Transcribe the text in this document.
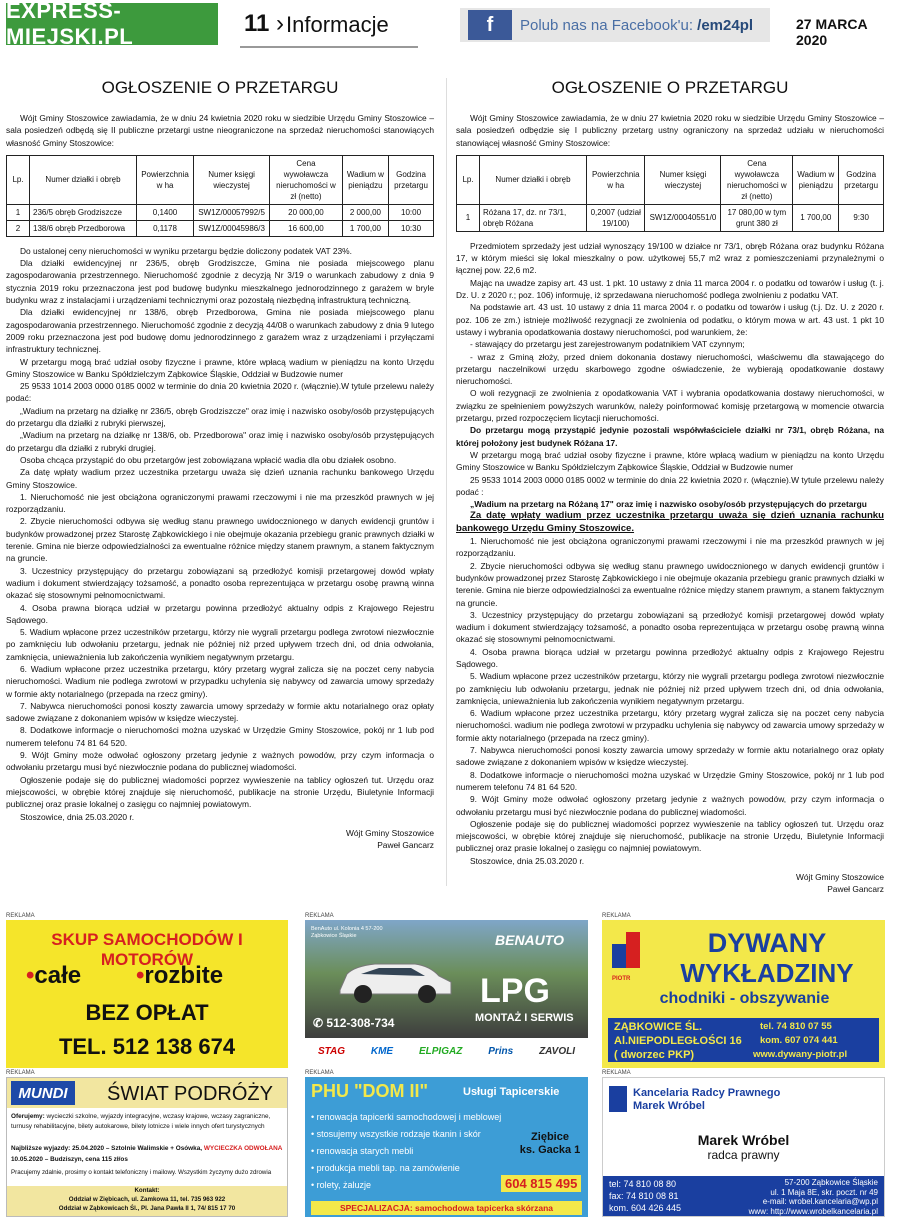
EXPRESS-MIEJSKI.PL	11 › Informacje	f	Polub nas na Facebook'u: /em24pl	27 MARCA 2020
OGŁOSZENIE O PRZETARGU

Wójt Gminy Stoszowice zawiadamia, że w dniu 24 kwietnia 2020 roku w siedzibie Urzędu Gminy Stoszowice – sala posiedzeń odbędą się II publiczne przetargi ustne nieograniczone na sprzedaż nieruchomości stanowiących własność Gminy Stoszowice:

Lp.	Numer działki i obręb	Powierzchnia w ha	Numer księgi wieczystej	Cena wywoławcza nieruchomości w zł (netto)	Wadium w pieniądzu	Godzina przetargu
1	236/5 obręb Grodziszcze	0,1400	SW1Z/00057992/5	20 000,00	2 000,00	10:00
2	138/6 obręb Przedborowa	0,1178	SW1Z/00045986/3	16 600,00	1 700,00	10:30

Do ustalonej ceny nieruchomości w wyniku przetargu będzie doliczony podatek VAT 23%.

Dla działki ewidencyjnej nr 236/5, obręb Grodziszcze, Gmina nie posiada miejscowego planu zagospodarowania przestrzennego. Nieruchomość zgodnie z decyzją Nr 3/19 o warunkach zabudowy z dnia 9 stycznia 2019 roku przeznaczona jest pod budowę budynku mieszkalnego jednorodzinnego z garażem w bryle budynku wraz z instalacjami i urządzeniami technicznymi oraz pozostałą niezbędną infrastrukturą techniczną.

Dla działki ewidencyjnej nr 138/6, obręb Przedborowa, Gmina nie posiada miejscowego planu zagospodarowania przestrzennego. Nieruchomość zgodnie z decyzją 44/08 o warunkach zabudowy z dnia 9 lutego 2009 roku przeznaczona jest pod budowę domu jednorodzinnego z garażem wraz z urządzeniami i przyłączami infrastruktury technicznej.

W przetargu mogą brać udział osoby fizyczne i prawne, które wpłacą wadium w pieniądzu na konto Urzędu Gminy Stoszowice w Banku Spółdzielczym Ząbkowice Śląskie, Oddział w Budzowie numer

25 9533 1014 2003 0000 0185 0002 w terminie do dnia 20 kwietnia 2020 r. (włącznie).W tytule przelewu należy podać:

„Wadium na przetarg na działkę nr 236/5, obręb Grodziszcze" oraz imię i nazwisko osoby/osób przystępujących do przetargu dla działki z rubryki pierwszej,

„Wadium na przetarg na działkę nr 138/6, ob. Przedborowa" oraz imię i nazwisko osoby/osób przystępujących do przetargu dla działki z rubryki drugiej.

Osoba chcąca przystąpić do obu przetargów jest zobowiązana wpłacić wadia dla obu działek osobno.

Za datę wpłaty wadium przez uczestnika przetargu uważa się dzień uznania rachunku bankowego Urzędu Gminy Stoszowice.

1. Nieruchomość nie jest obciążona ograniczonymi prawami rzeczowymi i nie ma przeszkód prawnych w jej rozporządzaniu.

2. Zbycie nieruchomości odbywa się według stanu prawnego uwidocznionego w danych ewidencji gruntów i budynków prowadzonej przez Starostę Ząbkowickiego i nie obejmuje okazania przebiegu granic prawnych działki w terenie. Gmina nie bierze odpowiedzialności za ewentualne różnice między stanem prawnym, a stanem faktycznym na gruncie.

3. Uczestnicy przystępujący do przetargu zobowiązani są przedłożyć komisji przetargowej dowód wpłaty wadium i dokument stwierdzający tożsamość, a ponadto osoba reprezentująca w przetargu osobę prawną winna okazać się stosownymi pełnomocnictwami.

4. Osoba prawna biorąca udział w przetargu powinna przedłożyć aktualny odpis z Krajowego Rejestru Sądowego.

5. Wadium wpłacone przez uczestników przetargu, którzy nie wygrali przetargu podlega zwrotowi niezwłocznie po zamknięciu lub odwołaniu przetargu, jednak nie później niż przed upływem trzech dni, od dnia odwołania, zamknięcia, unieważnienia lub zakończenia wynikiem negatywnym przetargu.

6. Wadium wpłacone przez uczestnika przetargu, który przetarg wygrał zalicza się na poczet ceny nabycia nieruchomości. Wadium nie podlega zwrotowi w przypadku uchylenia się nabywcy od zawarcia umowy sprzedaży w formie akty notarialnego (przepada na rzecz gminy).

7. Nabywca nieruchomości ponosi koszty zawarcia umowy sprzedaży w formie aktu notarialnego oraz opłaty sadowe związane z dokonaniem wpisów w księdze wieczystej.

8. Dodatkowe informacje o nieruchomości można uzyskać w Urzędzie Gminy Stoszowice, pokój nr 1 lub pod numerem telefonu 74 81 64 520.

9. Wójt Gminy może odwołać ogłoszony przetarg jedynie z ważnych powodów, przy czym informacja o odwołaniu przetargu musi być niezwłocznie podana do publicznej wiadomości.

Ogłoszenie podaje się do publicznej wiadomości poprzez wywieszenie na tablicy ogłoszeń tut. Urzędu oraz miejscowości, w obrębie której znajduje się nieruchomość, publikacje na stronie Urzędu, Biuletynie Informacji publicznej oraz prasie lokalnej o zasięgu co najmniej powiatowym.

Stoszowice, dnia 25.03.2020 r.

Wójt Gminy Stoszowice

Paweł Gancarz

OGŁOSZENIE O PRZETARGU

Wójt Gminy Stoszowice zawiadamia, że w dniu 27 kwietnia 2020 roku w siedzibie Urzędu Gminy Stoszowice – sala posiedzeń odbędzie się I publiczny przetarg ustny ograniczony na sprzedaż udziału w nieruchomości stanowiącej własność Gminy Stoszowice:

Lp.	Numer działki i obręb	Powierzchnia w ha	Numer księgi wieczystej	Cena wywoławcza nieruchomości w zł (netto)	Wadium w pieniądzu	Godzina przetargu
1	Różana 17, dz. nr 73/1, obręb Różana	0,2007 (udział 19/100)	SW1Z/00040551/0	17 080,00 w tym grunt 380 zł	1 700,00	9:30

Przedmiotem sprzedaży jest udział wynoszący 19/100 w działce nr 73/1, obręb Różana oraz budynku Różana 17, w którym mieści się lokal mieszkalny o pow. użytkowej 55,7 m2 wraz z pomieszczeniami przynależnymi o łącznej pow. 22,6 m2.

Mając na uwadze zapisy art. 43 ust. 1 pkt. 10 ustawy z dnia 11 marca 2004 r. o podatku od towarów i usług (t. j. Dz. U. z 2020 r.; poz. 106) informuję, iż sprzedawana nieruchomość podlega zwolnieniu z podatku VAT.

Na podstawie art. 43 ust. 10 ustawy z dnia 11 marca 2004 r. o podatku od towarów i usług (t.j. Dz. U. z 2020 r. poz. 106 ze zm.) istnieje możliwość rezygnacji ze zwolnienia od podatku, o którym mowa w art. 43 ust. 1 pkt 10 ustawy i wybrania opodatkowania dostawy nieruchomości, pod warunkiem, że:

- stawający do przetargu jest zarejestrowanym podatnikiem VAT czynnym;

- wraz z Gminą złoży, przed dniem dokonania dostawy nieruchomości, właściwemu dla stawającego do przetargu naczelnikowi urzędu skarbowego zgodne oświadczenie, że wybierają opodatkowanie dostawy nieruchomości.

O woli rezygnacji ze zwolnienia z opodatkowania VAT i wybrania opodatkowania dostawy nieruchomości, w związku ze spełnieniem powyższych warunków, należy poinformować komisję przetargową w momencie otwarcia przetargu, przed rozpoczęciem licytacji nieruchomości.

Do przetargu mogą przystąpić jedynie pozostali współwłaściciele działki nr 73/1, obręb Różana, na której położony jest budynek Różana 17.

W przetargu mogą brać udział osoby fizyczne i prawne, które wpłacą wadium w pieniądzu na konto Urzędu Gminy Stoszowice w Banku Spółdzielczym Ząbkowice Śląskie, Oddział w Budzowie numer

25 9533 1014 2003 0000 0185 0002 w terminie do dnia 22 kwietnia 2020 r. (włącznie).W tytule przelewu należy podać :

„Wadium na przetarg na Różaną 17" oraz imię i nazwisko osoby/osób przystępujących do przetargu

Za datę wpłaty wadium przez uczestnika przetargu uważa się dzień uznania rachunku bankowego Urzędu Gminy Stoszowice.

1. Nieruchomość nie jest obciążona ograniczonymi prawami rzeczowymi i nie ma przeszkód prawnych w jej rozporządzaniu.

2. Zbycie nieruchomości odbywa się według stanu prawnego uwidocznionego w danych ewidencji gruntów i budynków prowadzonej przez Starostę Ząbkowickiego i nie obejmuje okazania przebiegu granic prawnych działki w terenie. Gmina nie bierze odpowiedzialności za ewentualne różnice między stanem prawnym, a stanem faktycznym na gruncie.

3. Uczestnicy przystępujący do przetargu zobowiązani są przedłożyć komisji przetargowej dowód wpłaty wadium i dokument stwierdzający tożsamość, a ponadto osoba reprezentująca w przetargu osobę prawną winna okazać się stosownymi pełnomocnictwami.

4. Osoba prawna biorąca udział w przetargu powinna przedłożyć aktualny odpis z Krajowego Rejestru Sądowego.

5. Wadium wpłacone przez uczestników przetargu, którzy nie wygrali przetargu podlega zwrotowi niezwłocznie po zamknięciu lub odwołaniu przetargu, jednak nie później niż przed upływem trzech dni, od dnia odwołania, zamknięcia, unieważnienia lub zakończenia wynikiem negatywnym przetargu.

6. Wadium wpłacone przez uczestnika przetargu, który przetarg wygrał zalicza się na poczet ceny nabycia nieruchomości. wadium nie podlega zwrotowi w przypadku uchylenia się nabywcy od zawarcia umowy sprzedaży w formie akty notarialnego (przepada na rzecz gminy).

7. Nabywca nieruchomości ponosi koszty zawarcia umowy sprzedaży w formie aktu notarialnego oraz opłaty sadowe związane z dokonaniem wpisów w księdze wieczystej.

8. Dodatkowe informacje o nieruchomości można uzyskać w Urzędzie Gminy Stoszowice, pokój nr 1 lub pod numerem telefonu 74 81 64 520.

9. Wójt Gminy może odwołać ogłoszony przetarg jedynie z ważnych powodów, przy czym informacja o odwołaniu przetargu musi być niezwłocznie podana do publicznej wiadomości.

Ogłoszenie podaje się do publicznej wiadomości poprzez wywieszenie na tablicy ogłoszeń tut. Urzędu oraz miejscowości, w obrębie której znajduje się nieruchomość, publikacje na stronie Urzędu, Biuletynie Informacji publicznej oraz prasie lokalnej o zasięgu co najmniej powiatowym.

Stoszowice, dnia 25.03.2020 r.

Wójt Gminy Stoszowice

Paweł Gancarz

REKLAMA
SKUP SAMOCHODÓW I MOTORÓW
•całe •rozbite
BEZ OPŁAT
TEL. 512 138 674
REKLAMA
BenAuto ul. Kolonia 4 57-200 Ząbkowice Śląskie	BENAUTO
LPG
MONTAŻ I SERWIS
✆ 512-308-734
STAG	KME	ELPIGAZ	Prins	ZAVOLI
REKLAMA
PIOTR
DYWANY
WYKŁADZINY
chodniki - obszywanie
ZĄBKOWICE ŚL.
Al.NIEPODLEGŁOŚCI 16
( dworzec PKP)
tel. 74 810 07 55
kom. 607 074 441
www.dywany-piotr.pl
REKLAMA
MUNDI	ŚWIAT PODRÓŻY
Oferujemy: wycieczki szkolne, wyjazdy integracyjne, wczasy krajowe, wczasy zagraniczne, turnusy rehabilitacyjne, bilety autokarowe, bilety lotnicze i wiele innych ofert turystycznych
Najbliższe wyjazdy: 25.04.2020 – Sztolnie Walimskie + Osówka, WYCIECZKA ODWOŁANA
10.05.2020 – Budziszyn, cena 115 zł/os
Pracujemy zdalnie, prosimy o kontakt telefoniczny i mailowy. Wszystkim życzymy dużo zdrowia
Kontakt:
Oddział w Ziębicach, ul. Zamkowa 11, tel. 735 963 922
Oddział w Ząbkowicach Śl., Pl. Jana Pawła II 1, 74/ 815 17 70
REKLAMA
PHU "DOM II"	Usługi Tapicerskie
• renowacja tapicerki samochodowej i meblowej
• stosujemy wszystkie rodzaje tkanin i skór
• renowacja starych mebli
• produkcja mebli tap. na zamówienie
• rolety, żaluzje
Ziębice
ks. Gacka 1
604 815 495
SPECJALIZACJA: samochodowa tapicerka skórzana
REKLAMA
Kancelaria Radcy Prawnego
Marek Wróbel
Marek Wróbel
radca prawny
tel: 74 810 08 80
fax: 74 810 08 81
kom. 604 426 445
57-200 Ząbkowice Śląskie
ul. 1 Maja 8E, skr. poczt. nr 49
e-mail: wrobel.kancelaria@wp.pl
www: http://www.wrobelkancelaria.pl
